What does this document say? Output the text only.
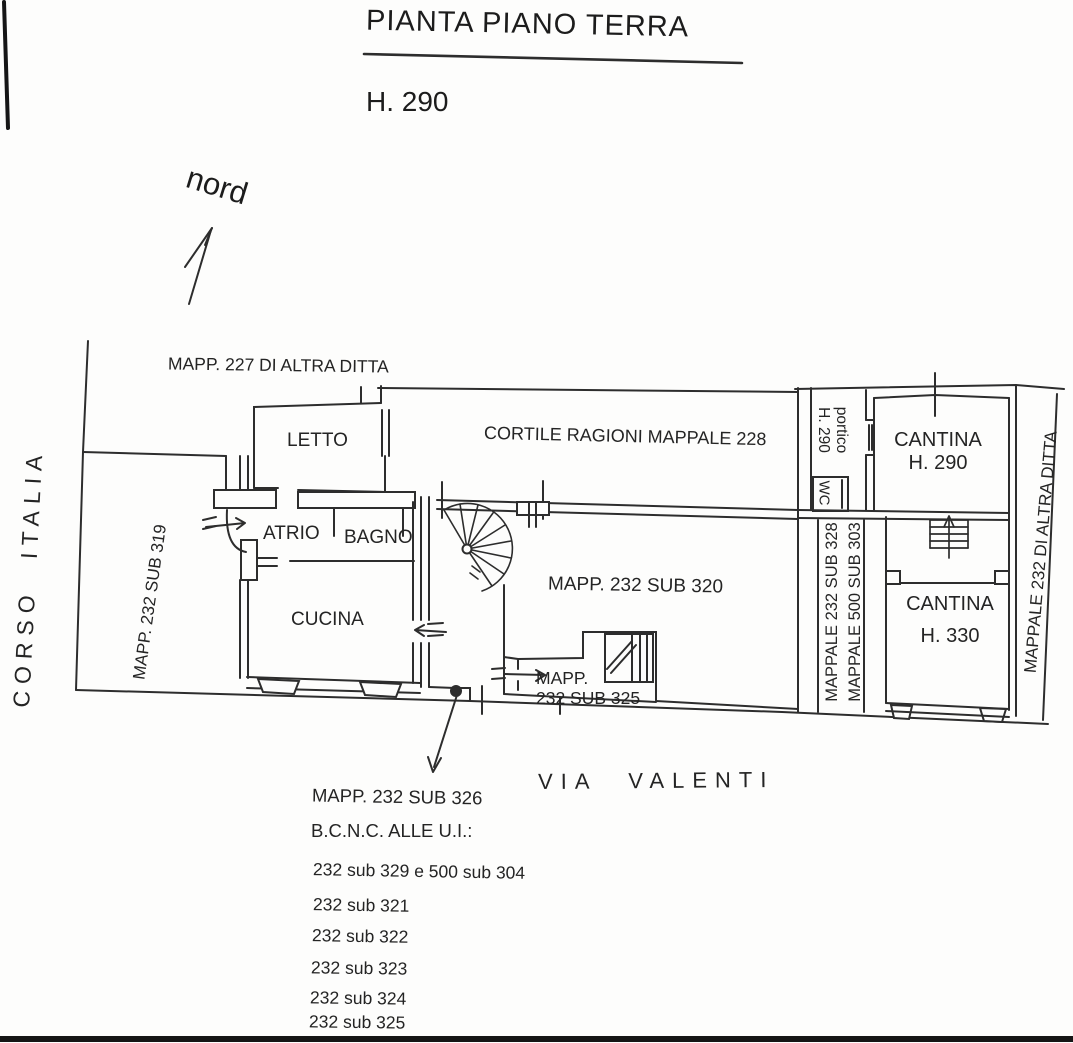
PIANTA PIANO TERRA
H. 290
nord
CORSO ITALIA	MAPP. 232 SUB 319
MAPP. 227 DI ALTRA DITTA
LETTO
ATRIO BAGNO
CUCINA
CORTILE RAGIONI MAPPALE 228
MAPP. 232 SUB 320
MAPP.
232 SUB 325
portico
H. 290
WC
CANTINA
H. 290
MAPPALE 232 SUB 328 MAPPALE 500 SUB 303 CANTINA
H. 330	MAPPALE 232 DI ALTRA DITTA
VIA VALENTI
MAPP. 232 SUB 326
B.C.N.C. ALLE U.I.:
232 sub 329 e 500 sub 304
232 sub 321
232 sub 322
232 sub 323
232 sub 324
232 sub 325
